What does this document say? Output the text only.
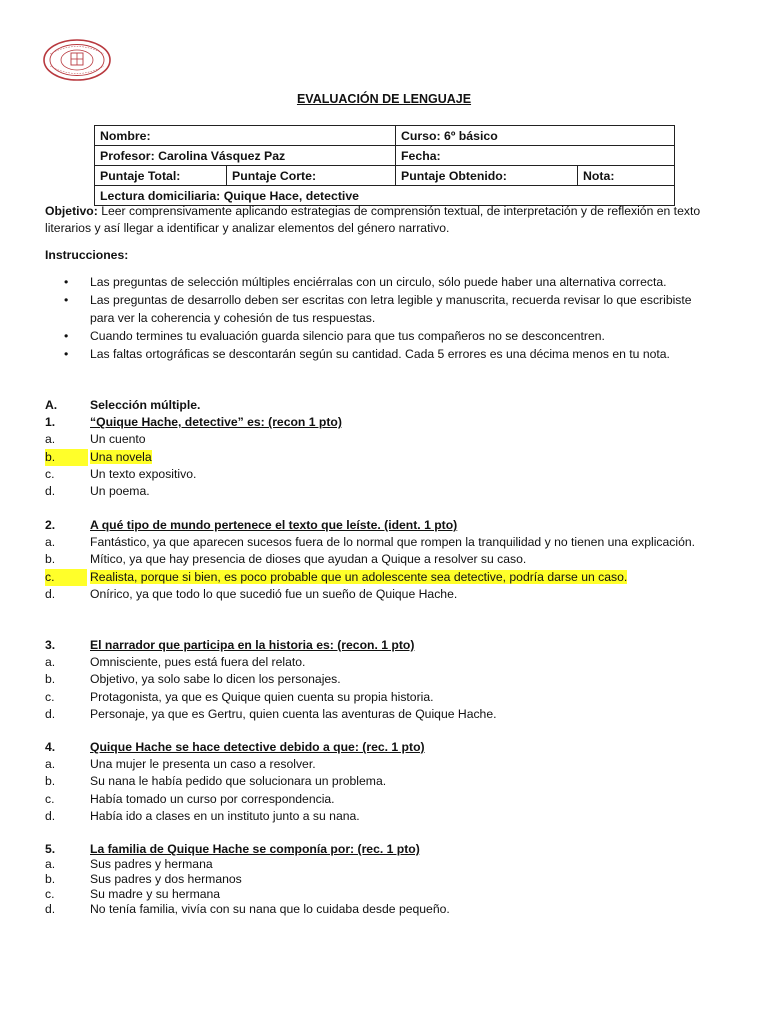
EVALUACIÓN DE LENGUAJE
Nombre:		Curso: 6º básico	
Profesor: Carolina Vásquez Paz		Fecha:	
Puntaje Total:	Puntaje Corte:	Puntaje Obtenido:	Nota:
Lectura domiciliaria: Quique Hace, detective			
Objetivo: Leer comprensivamente aplicando estrategias de comprensión textual, de interpretación y de reflexión en texto literarios y así llegar a identificar y analizar elementos del género narrativo.
Instrucciones:
• Las preguntas de selección múltiples enciérralas con un circulo, sólo puede haber una alternativa correcta.
• Las preguntas de desarrollo deben ser escritas con letra legible y manuscrita, recuerda revisar lo que escribiste para ver la coherencia y cohesión de tus respuestas.
• Cuando termines tu evaluación guarda silencio para que tus compañeros no se desconcentren.
• Las faltas ortográficas se descontarán según su cantidad. Cada 5 errores es una décima menos en tu nota.
A.	Selección múltiple.
1.	“Quique Hache, detective” es: (recon 1 pto)
a.	Un cuento
b.	Una novela
c.	Un texto expositivo.
d.	Un poema.
2.	A qué tipo de mundo pertenece el texto que leíste. (ident. 1 pto)
a.	Fantástico, ya que aparecen sucesos fuera de lo normal que rompen la tranquilidad y no tienen una explicación.
b.	Mítico, ya que hay presencia de dioses que ayudan a Quique a resolver su caso.
c.	Realista, porque si bien, es poco probable que un adolescente sea detective, podría darse un caso.
d.	Onírico, ya que todo lo que sucedió fue un sueño de Quique Hache.
3.	El narrador que participa en la historia es: (recon. 1 pto)
a.	Omnisciente, pues está fuera del relato.
b.	Objetivo, ya solo sabe lo dicen los personajes.
c.	Protagonista, ya que es Quique quien cuenta su propia historia.
d.	Personaje, ya que es Gertru, quien cuenta las aventuras de Quique Hache.
4.	Quique Hache se hace detective debido a que: (rec. 1 pto)
a.	Una mujer le presenta un caso a resolver.
b.	Su nana le había pedido que solucionara un problema.
c.	Había tomado un curso por correspondencia.
d.	Había ido a clases en un instituto junto a su nana.
5.	La familia de Quique Hache se componía por: (rec. 1 pto)
a.	Sus padres y hermana
b.	Sus padres y dos hermanos
c.	Su madre y su hermana
d.	No tenía familia, vivía con su nana que lo cuidaba desde pequeño.
